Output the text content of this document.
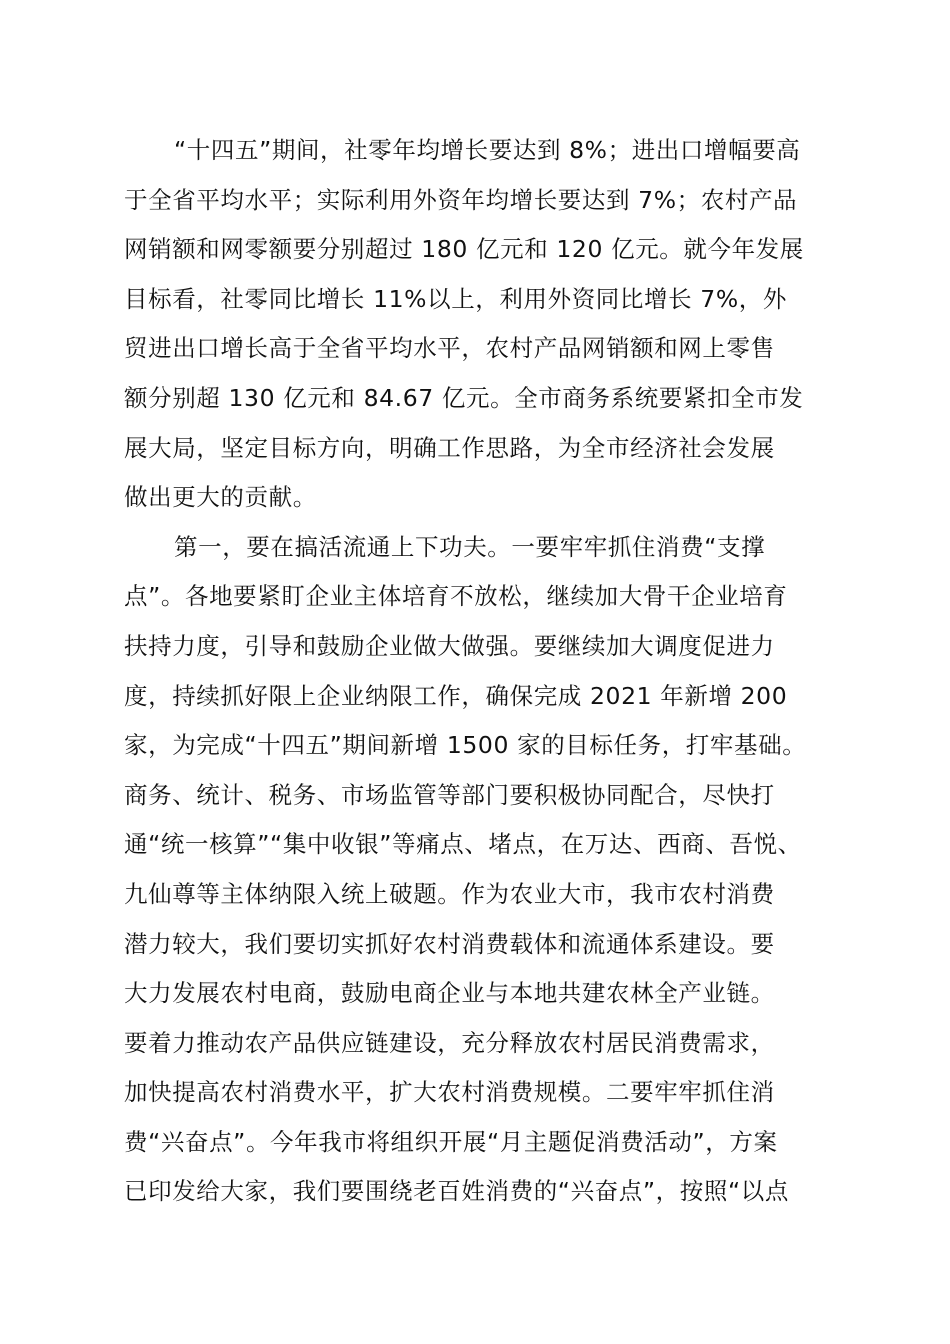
“十四五”期间，社零年均增长要达到 8%；进出口增幅要高
于全省平均水平；实际利用外资年均增长要达到 7%；农村产品
网销额和网零额要分别超过 180 亿元和 120 亿元。就今年发展
目标看，社零同比增长 11%以上，利用外资同比增长 7%，外
贸进出口增长高于全省平均水平，农村产品网销额和网上零售
额分别超 130 亿元和 84.67 亿元。全市商务系统要紧扣全市发
展大局，坚定目标方向，明确工作思路，为全市经济社会发展
做出更大的贡献。
第一，要在搞活流通上下功夫。一要牢牢抓住消费“支撑
点”。各地要紧盯企业主体培育不放松，继续加大骨干企业培育
扶持力度，引导和鼓励企业做大做强。要继续加大调度促进力
度，持续抓好限上企业纳限工作，确保完成 2021 年新增 200
家，为完成“十四五”期间新增 1500 家的目标任务，打牢基础。
商务、统计、税务、市场监管等部门要积极协同配合，尽快打
通“统一核算”“集中收银”等痛点、堵点，在万达、西商、吾悦、
九仙尊等主体纳限入统上破题。作为农业大市，我市农村消费
潜力较大，我们要切实抓好农村消费载体和流通体系建设。要
大力发展农村电商，鼓励电商企业与本地共建农林全产业链。
要着力推动农产品供应链建设，充分释放农村居民消费需求，
加快提高农村消费水平，扩大农村消费规模。二要牢牢抓住消
费“兴奋点”。今年我市将组织开展“月主题促消费活动”，方案
已印发给大家，我们要围绕老百姓消费的“兴奋点”，按照“以点
